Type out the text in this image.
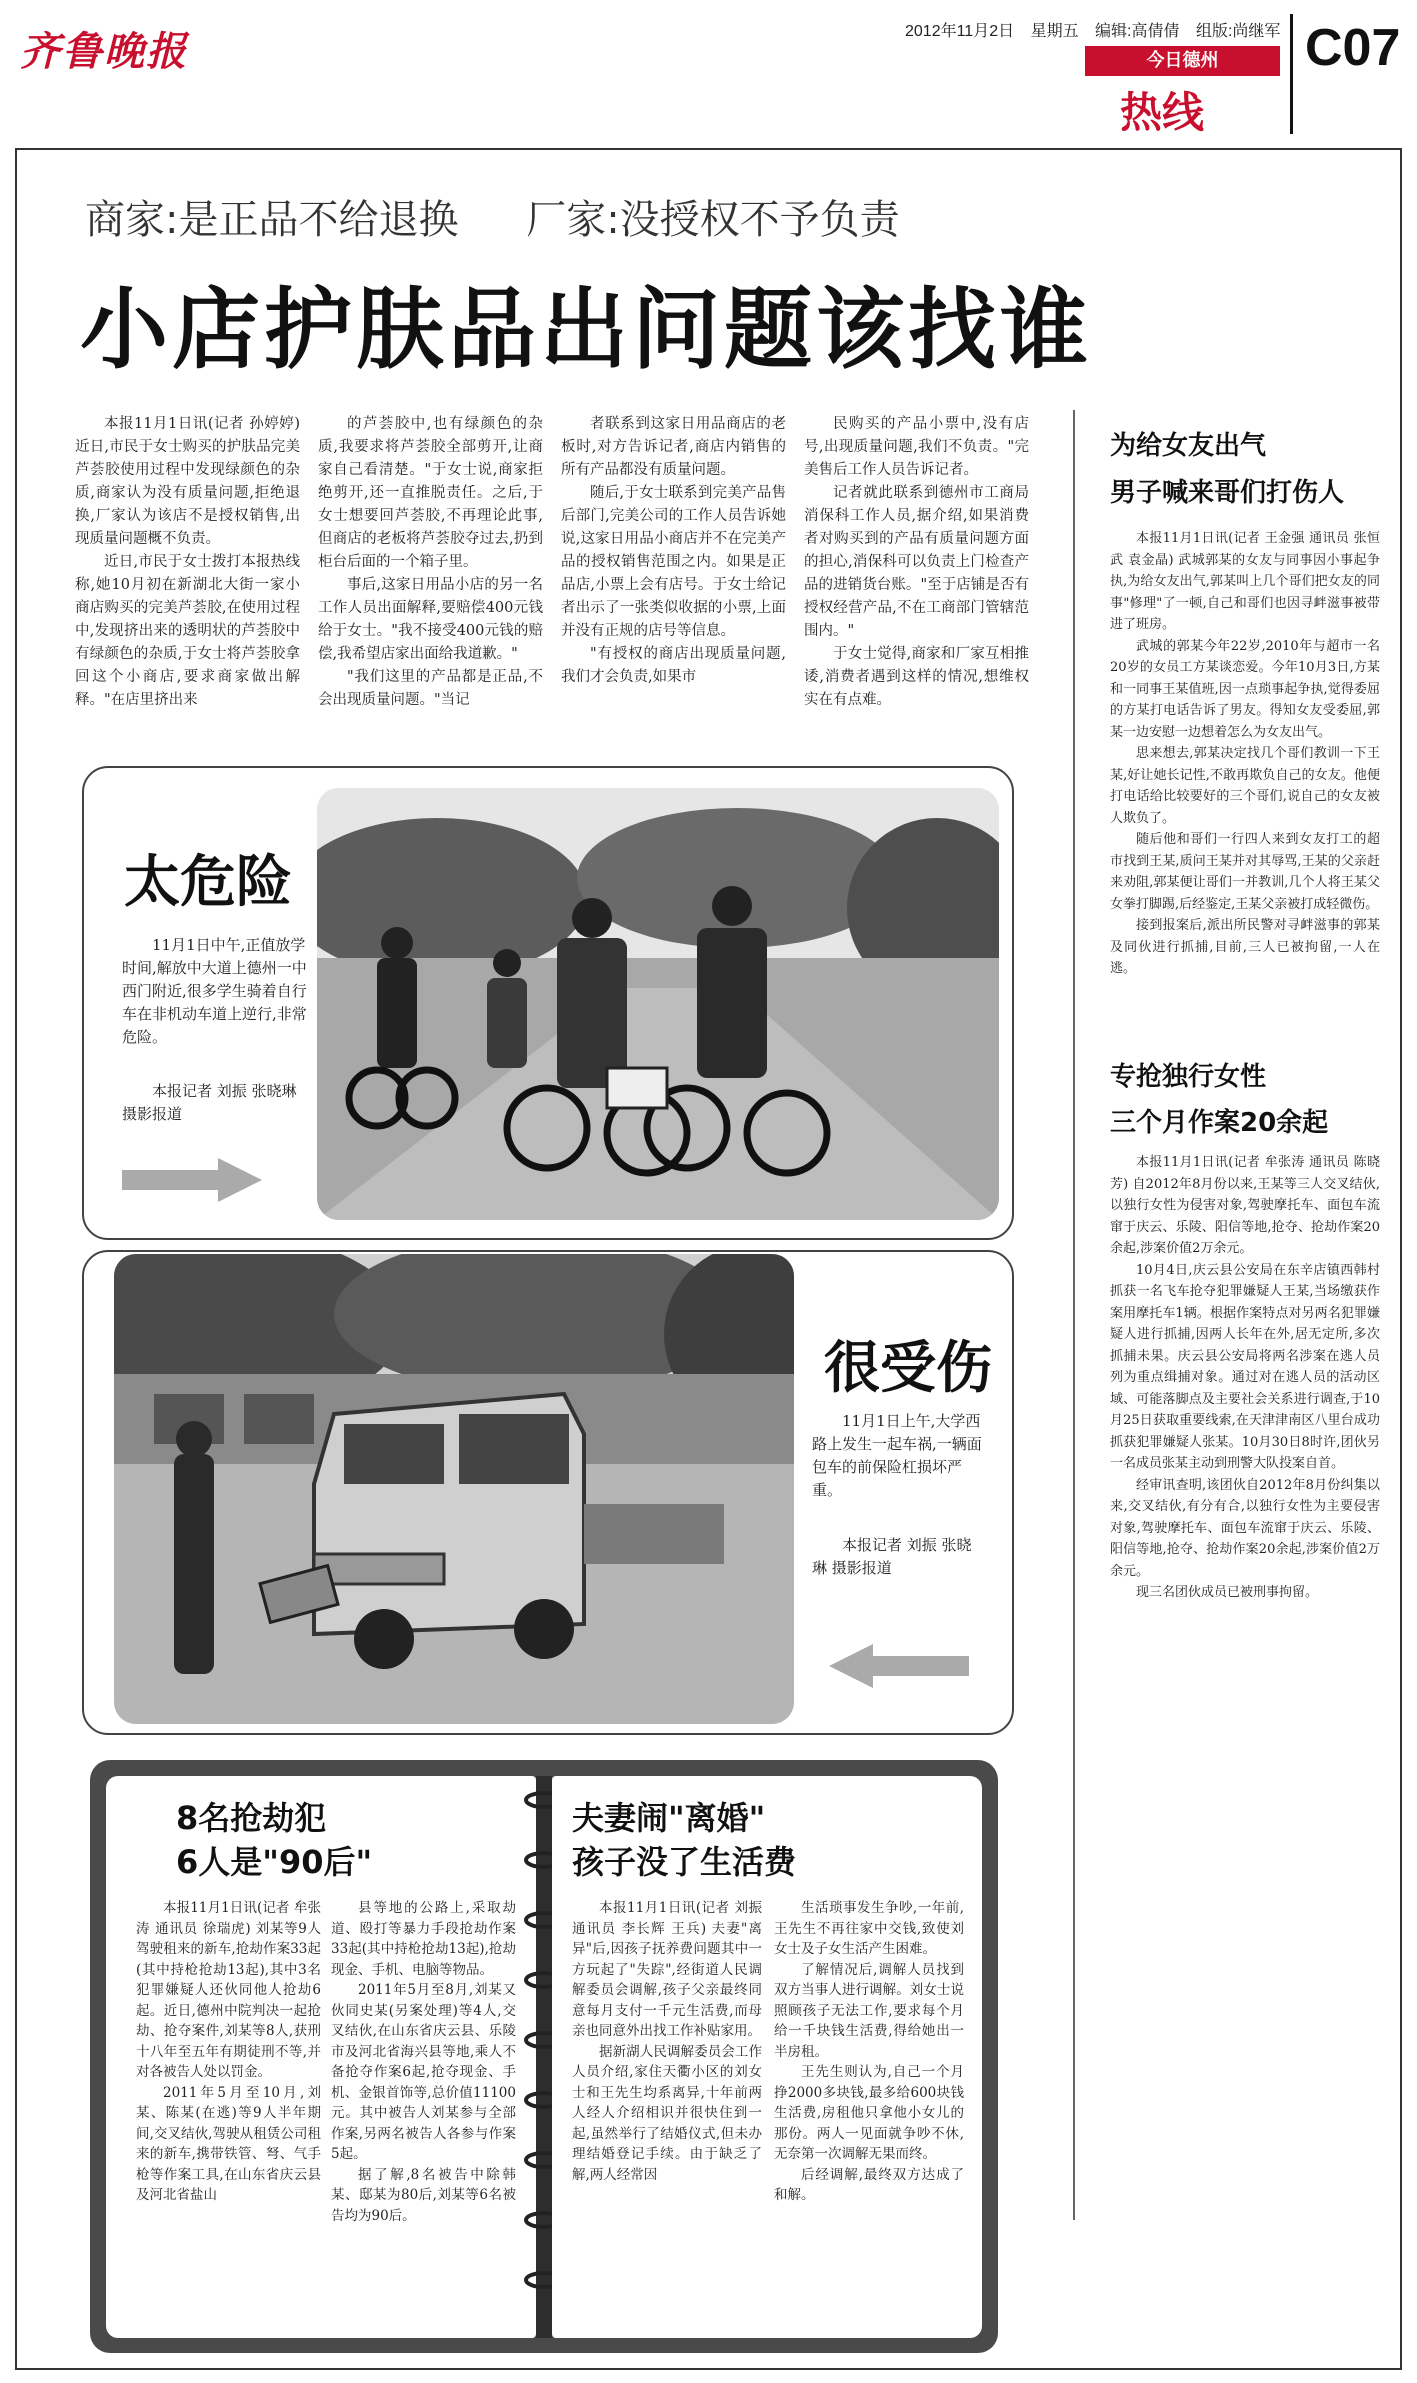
齐鲁晚报	2012年11月2日 星期五 编辑:高倩倩 组版:尚继军
今日德州
热线
C07
商家:是正品不给退换 厂家:没授权不予负责
小店护肤品出问题该找谁
本报11月1日讯(记者 孙婷婷) 近日,市民于女士购买的护肤品完美芦荟胶使用过程中发现绿颜色的杂质,商家认为没有质量问题,拒绝退换,厂家认为该店不是授权销售,出现质量问题概不负责。
近日,市民于女士拨打本报热线称,她10月初在新湖北大街一家小商店购买的完美芦荟胶,在使用过程中,发现挤出来的透明状的芦荟胶中有绿颜色的杂质,于女士将芦荟胶拿回这个小商店,要求商家做出解释。"在店里挤出来
的芦荟胶中,也有绿颜色的杂质,我要求将芦荟胶全部剪开,让商家自己看清楚。"于女士说,商家拒绝剪开,还一直推脱责任。之后,于女士想要回芦荟胶,不再理论此事,但商店的老板将芦荟胶夺过去,扔到柜台后面的一个箱子里。
事后,这家日用品小店的另一名工作人员出面解释,要赔偿400元钱给于女士。"我不接受400元钱的赔偿,我希望店家出面给我道歉。"
"我们这里的产品都是正品,不会出现质量问题。"当记
者联系到这家日用品商店的老板时,对方告诉记者,商店内销售的所有产品都没有质量问题。
随后,于女士联系到完美产品售后部门,完美公司的工作人员告诉她说,这家日用品小商店并不在完美产品的授权销售范围之内。如果是正品店,小票上会有店号。于女士给记者出示了一张类似收据的小票,上面并没有正规的店号等信息。
"有授权的商店出现质量问题,我们才会负责,如果市
民购买的产品小票中,没有店号,出现质量问题,我们不负责。"完美售后工作人员告诉记者。
记者就此联系到德州市工商局消保科工作人员,据介绍,如果消费者对购买到的产品有质量问题方面的担心,消保科可以负责上门检查产品的进销货台账。"至于店铺是否有授权经营产品,不在工商部门管辖范围内。"
于女士觉得,商家和厂家互相推诿,消费者遇到这样的情况,想维权实在有点难。
太危险
11月1日中午,正值放学时间,解放中大道上德州一中西门附近,很多学生骑着自行车在非机动车道上逆行,非常危险。
本报记者 刘振 张晓琳 摄影报道
很受伤
11月1日上午,大学西路上发生一起车祸,一辆面包车的前保险杠损坏严重。
本报记者 刘振 张晓琳 摄影报道
为给女友出气
男子喊来哥们打伤人
本报11月1日讯(记者 王金强 通讯员 张恒武 袁金晶) 武城郭某的女友与同事因小事起争执,为给女友出气,郭某叫上几个哥们把女友的同事"修理"了一顿,自己和哥们也因寻衅滋事被带进了班房。
武城的郭某今年22岁,2010年与超市一名20岁的女员工方某谈恋爱。今年10月3日,方某和一同事王某值班,因一点琐事起争执,觉得委屈的方某打电话告诉了男友。得知女友受委屈,郭某一边安慰一边想着怎么为女友出气。
思来想去,郭某决定找几个哥们教训一下王某,好让她长记性,不敢再欺负自己的女友。他便打电话给比较要好的三个哥们,说自己的女友被人欺负了。
随后他和哥们一行四人来到女友打工的超市找到王某,质问王某并对其辱骂,王某的父亲赶来劝阻,郭某便让哥们一并教训,几个人将王某父女拳打脚踢,后经鉴定,王某父亲被打成轻微伤。
接到报案后,派出所民警对寻衅滋事的郭某及同伙进行抓捕,目前,三人已被拘留,一人在逃。
专抢独行女性
三个月作案20余起
本报11月1日讯(记者 牟张涛 通讯员 陈晓芳) 自2012年8月份以来,王某等三人交叉结伙,以独行女性为侵害对象,驾驶摩托车、面包车流窜于庆云、乐陵、阳信等地,抢夺、抢劫作案20余起,涉案价值2万余元。
10月4日,庆云县公安局在东辛店镇西韩村抓获一名飞车抢夺犯罪嫌疑人王某,当场缴获作案用摩托车1辆。根据作案特点对另两名犯罪嫌疑人进行抓捕,因两人长年在外,居无定所,多次抓捕未果。庆云县公安局将两名涉案在逃人员列为重点缉捕对象。通过对在逃人员的活动区域、可能落脚点及主要社会关系进行调查,于10月25日获取重要线索,在天津津南区八里台成功抓获犯罪嫌疑人张某。10月30日8时许,团伙另一名成员张某主动到刑警大队投案自首。
经审讯查明,该团伙自2012年8月份纠集以来,交叉结伙,有分有合,以独行女性为主要侵害对象,驾驶摩托车、面包车流窜于庆云、乐陵、阳信等地,抢夺、抢劫作案20余起,涉案价值2万余元。
现三名团伙成员已被刑事拘留。
8名抢劫犯
6人是"90后"
本报11月1日讯(记者 牟张涛 通讯员 徐瑞虎) 刘某等9人驾驶租来的新车,抢劫作案33起(其中持枪抢劫13起),其中3名犯罪嫌疑人还伙同他人抢劫6起。近日,德州中院判决一起抢劫、抢夺案件,刘某等8人,获刑十八年至五年有期徒刑不等,并对各被告人处以罚金。
2011年5月至10月,刘某、陈某(在逃)等9人半年期间,交叉结伙,驾驶从租赁公司租来的新车,携带铁管、弩、气手枪等作案工具,在山东省庆云县及河北省盐山
县等地的公路上,采取劫道、殴打等暴力手段抢劫作案33起(其中持枪抢劫13起),抢劫现金、手机、电脑等物品。
2011年5月至8月,刘某又伙同史某(另案处理)等4人,交叉结伙,在山东省庆云县、乐陵市及河北省海兴县等地,乘人不备抢夺作案6起,抢夺现金、手机、金银首饰等,总价值11100元。其中被告人刘某参与全部作案,另两名被告人各参与作案5起。
据了解,8名被告中除韩某、邸某为80后,刘某等6名被告均为90后。
夫妻闹"离婚"
孩子没了生活费
本报11月1日讯(记者 刘振 通讯员 李长辉 王兵) 夫妻"离异"后,因孩子抚养费问题其中一方玩起了"失踪",经街道人民调解委员会调解,孩子父亲最终同意每月支付一千元生活费,而母亲也同意外出找工作补贴家用。
据新湖人民调解委员会工作人员介绍,家住天衢小区的刘女士和王先生均系离异,十年前两人经人介绍相识并很快住到一起,虽然举行了结婚仪式,但未办理结婚登记手续。由于缺乏了解,两人经常因
生活琐事发生争吵,一年前,王先生不再往家中交钱,致使刘女士及子女生活产生困难。
了解情况后,调解人员找到双方当事人进行调解。刘女士说照顾孩子无法工作,要求每个月给一千块钱生活费,得给她出一半房租。
王先生则认为,自己一个月挣2000多块钱,最多给600块钱生活费,房租他只拿他小女儿的那份。两人一见面就争吵不休,无奈第一次调解无果而终。
后经调解,最终双方达成了和解。
